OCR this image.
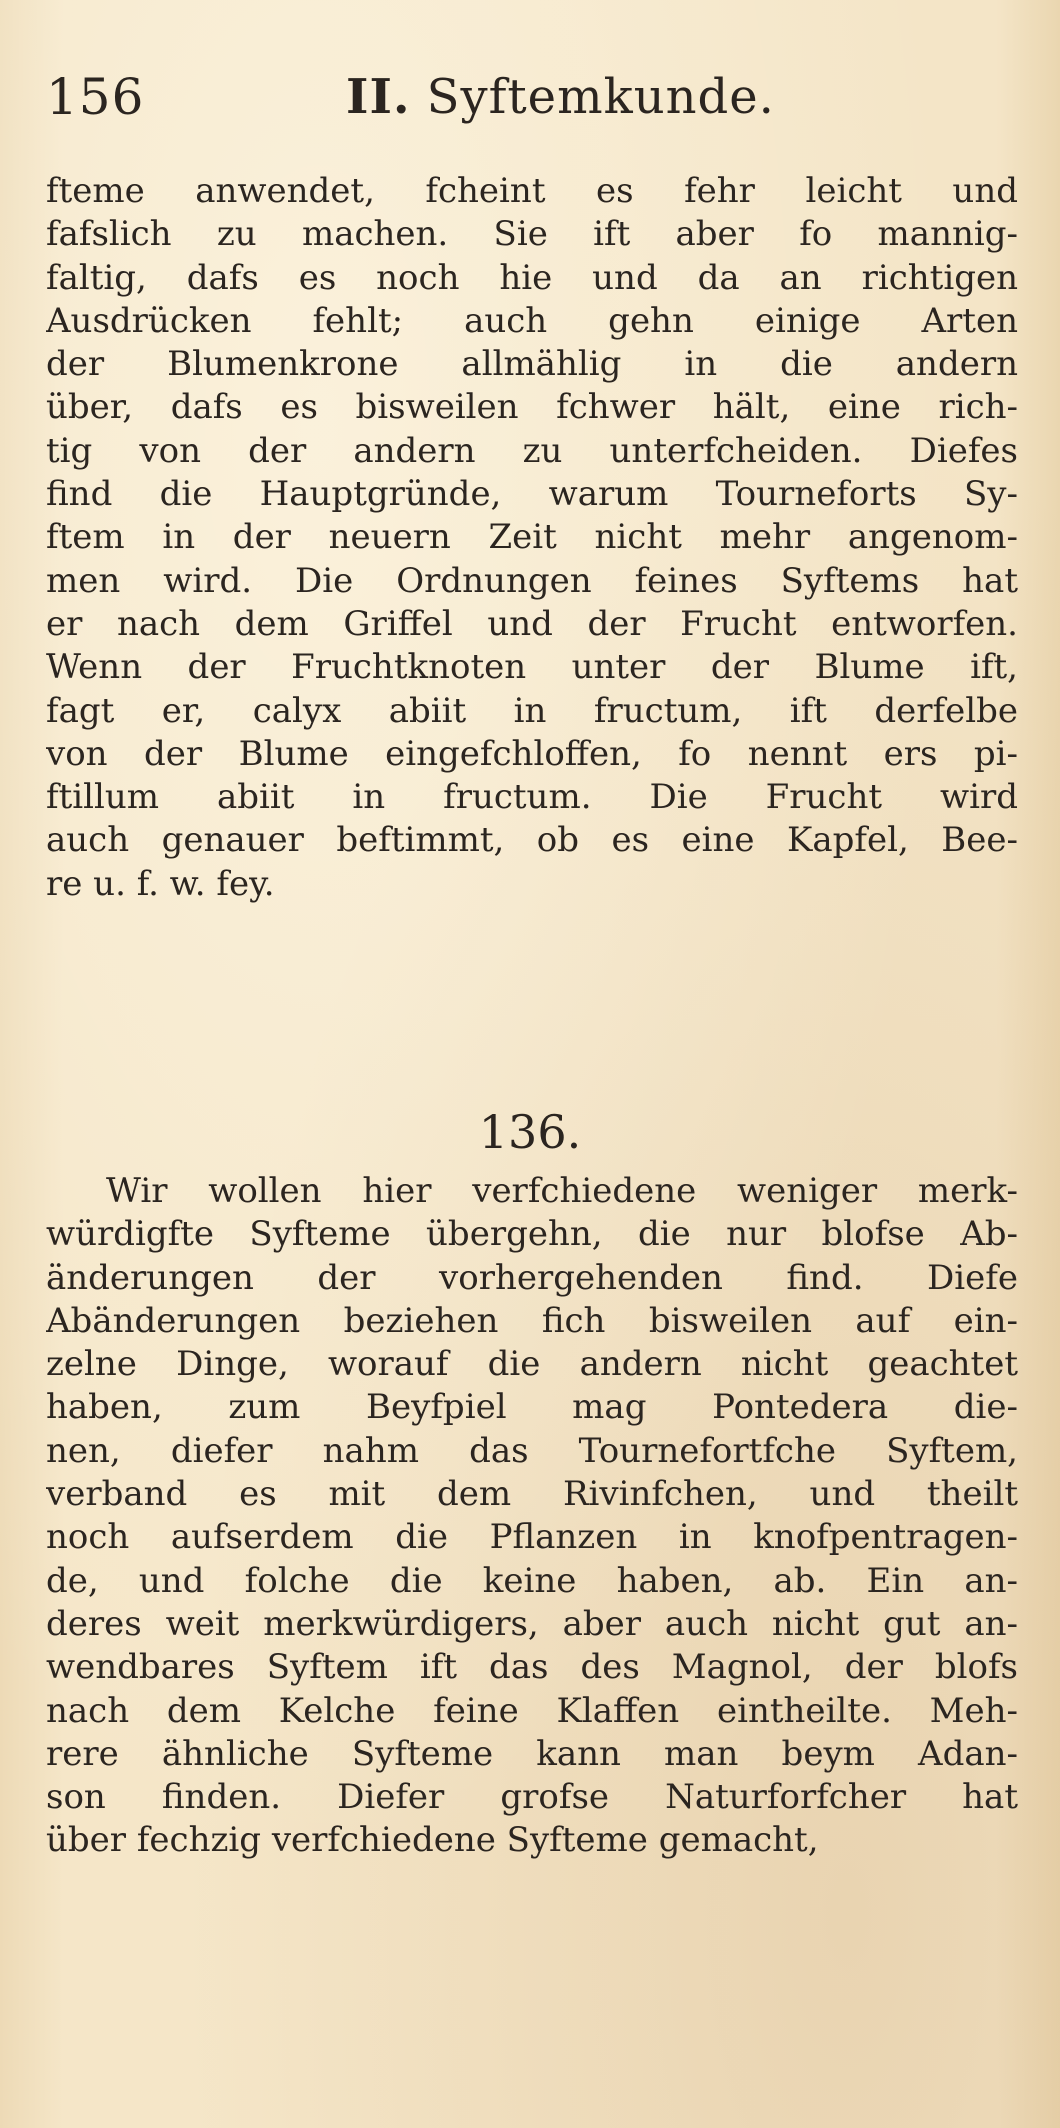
156	II. Syftemkunde.
fteme anwendet, fcheint es fehr leicht und
fafslich zu machen. Sie ift aber fo mannig-
faltig, dafs es noch hie und da an richtigen
Ausdrücken fehlt; auch gehn einige Arten
der Blumenkrone allmählig in die andern
über, dafs es bisweilen fchwer hält, eine rich-
tig von der andern zu unterfcheiden. Diefes
find die Hauptgründe, warum Tourneforts Sy-
ftem in der neuern Zeit nicht mehr angenom-
men wird. Die Ordnungen feines Syftems hat
er nach dem Griffel und der Frucht entworfen.
Wenn der Fruchtknoten unter der Blume ift,
fagt er, calyx abiit in fructum, ift derfelbe
von der Blume eingefchloffen, fo nennt ers pi-
ftillum abiit in fructum. Die Frucht wird
auch genauer beftimmt, ob es eine Kapfel, Bee-
re u. f. w. fey.
136.
Wir wollen hier verfchiedene weniger merk-
würdigfte Syfteme übergehn, die nur blofse Ab-
änderungen der vorhergehenden find. Diefe
Abänderungen beziehen fich bisweilen auf ein-
zelne Dinge, worauf die andern nicht geachtet
haben, zum Beyfpiel mag Pontedera die-
nen, diefer nahm das Tournefortfche Syftem,
verband es mit dem Rivinfchen, und theilt
noch aufserdem die Pflanzen in knofpentragen-
de, und folche die keine haben, ab. Ein an-
deres weit merkwürdigers, aber auch nicht gut an-
wendbares Syftem ift das des Magnol, der blofs
nach dem Kelche feine Klaffen eintheilte. Meh-
rere ähnliche Syfteme kann man beym Adan-
son finden. Diefer grofse Naturforfcher hat
über fechzig verfchiedene Syfteme gemacht,
